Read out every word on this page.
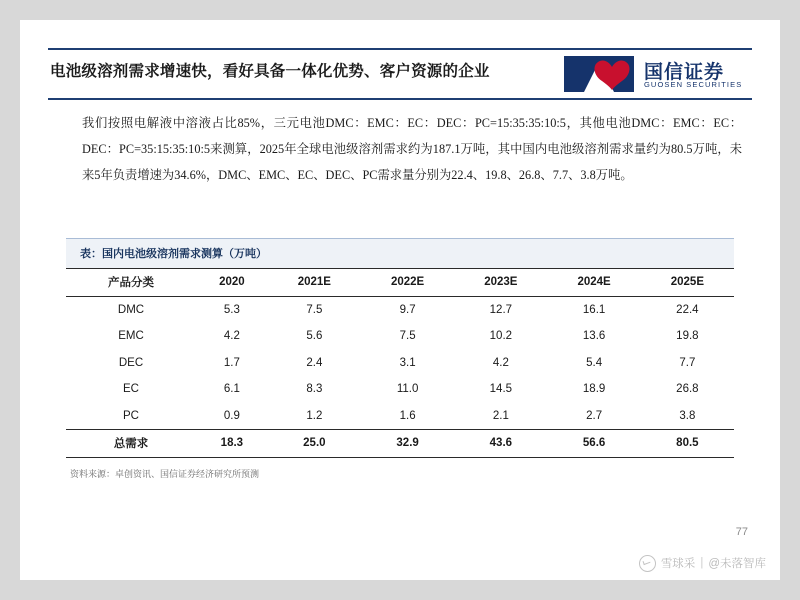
电池级溶剂需求增速快，看好具备一体化优势、客户资源的企业	国信证券
GUOSEN SECURITIES
我们按照电解液中溶液占比85%，三元电池DMC：EMC：EC：DEC：PC=15:35:35:10:5，其他电池DMC：EMC：EC：DEC：PC=35:15:35:10:5来测算，2025年全球电池级溶剂需求约为187.1万吨，其中国内电池级溶剂需求量约为80.5万吨，未来5年负责增速为34.6%，DMC、EMC、EC、DEC、PC需求量分别为22.4、19.8、26.8、7.7、3.8万吨。
表：国内电池级溶剂需求测算（万吨）
产品分类	2020	2021E	2022E	2023E	2024E	2025E
DMC	5.3	7.5	9.7	12.7	16.1	22.4
EMC	4.2	5.6	7.5	10.2	13.6	19.8
DEC	1.7	2.4	3.1	4.2	5.4	7.7
EC	6.1	8.3	11.0	14.5	18.9	26.8
PC	0.9	1.2	1.6	2.1	2.7	3.8
总需求	18.3	25.0	32.9	43.6	56.6	80.5
资料来源：卓创资讯、国信证券经济研究所预测
77
雪球采 | @未落智库
